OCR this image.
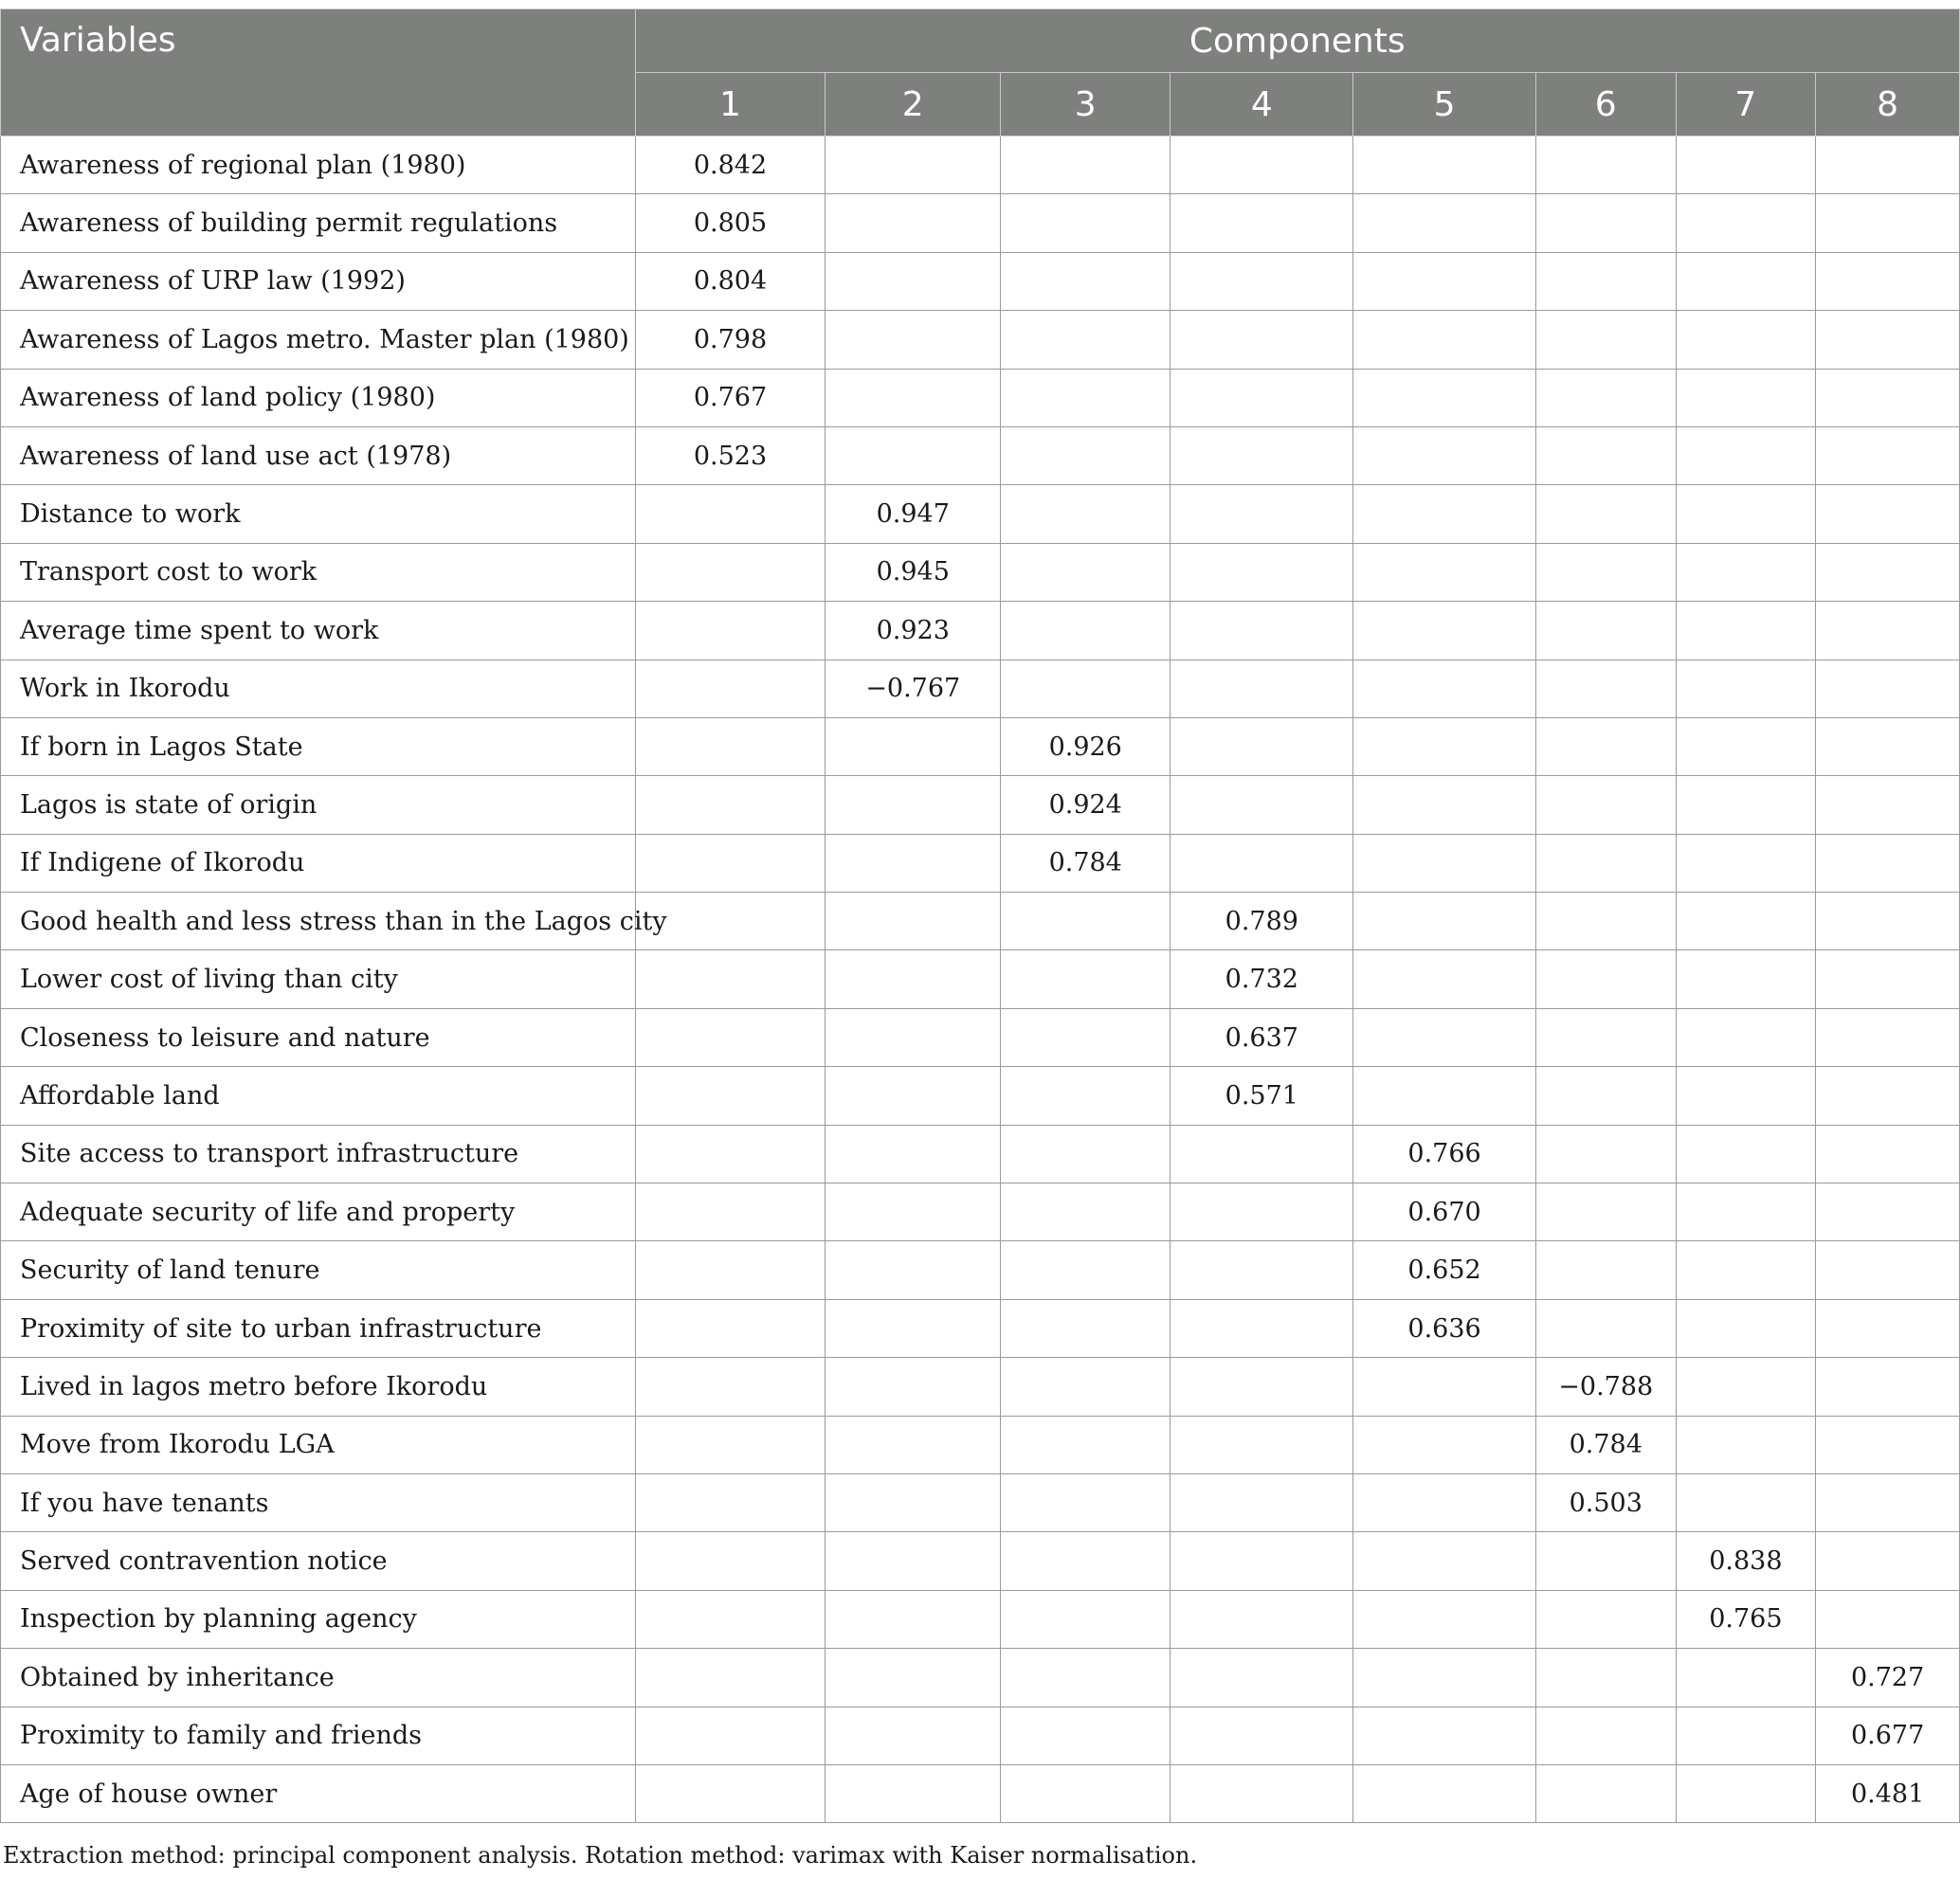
Variables	Components							
	1	2	3	4	5	6	7	8
Awareness of regional plan (1980)	0.842							
Awareness of building permit regulations	0.805							
Awareness of URP law (1992)	0.804							
Awareness of Lagos metro. Master plan (1980)	0.798							
Awareness of land policy (1980)	0.767							
Awareness of land use act (1978)	0.523							
Distance to work		0.947						
Transport cost to work		0.945						
Average time spent to work		0.923						
Work in Ikorodu		−0.767						
If born in Lagos State			0.926					
Lagos is state of origin			0.924					
If Indigene of Ikorodu			0.784					
Good health and less stress than in the Lagos city				0.789				
Lower cost of living than city				0.732				
Closeness to leisure and nature				0.637				
Affordable land				0.571				
Site access to transport infrastructure					0.766			
Adequate security of life and property					0.670			
Security of land tenure					0.652			
Proximity of site to urban infrastructure					0.636			
Lived in lagos metro before Ikorodu						−0.788		
Move from Ikorodu LGA						0.784		
If you have tenants						0.503		
Served contravention notice							0.838	
Inspection by planning agency							0.765	
Obtained by inheritance								0.727
Proximity to family and friends								0.677
Age of house owner								0.481
Extraction method: principal component analysis. Rotation method: varimax with Kaiser normalisation.
